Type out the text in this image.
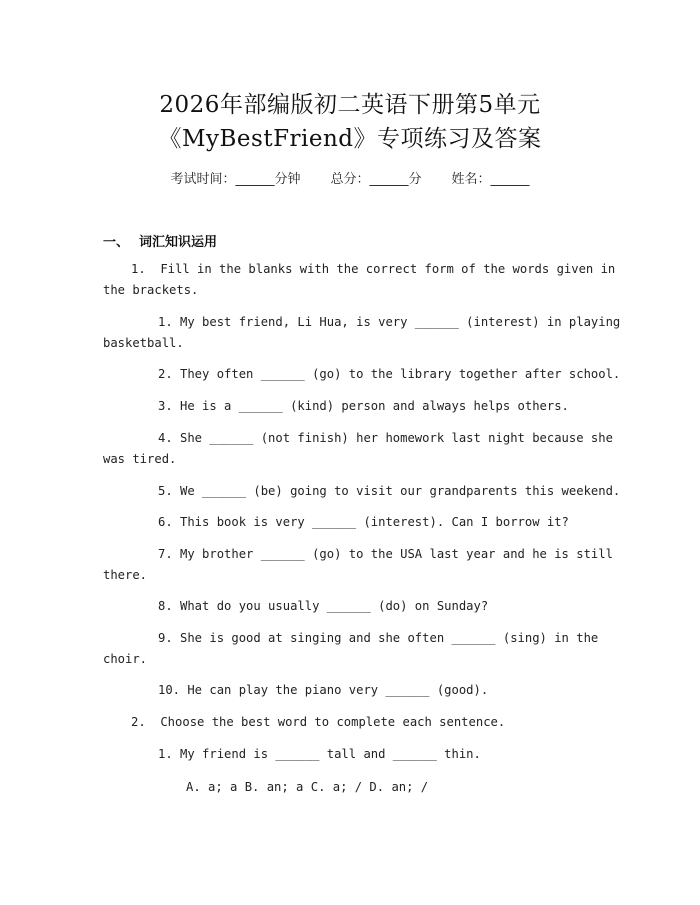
2026年部编版初二英语下册第5单元
《MyBestFriend》专项练习及答案
考试时间：______分钟 总分：______分 姓名：______
一、 词汇知识运用
1.  Fill in the blanks with the correct form of the words given in
the brackets.
1. My best friend, Li Hua, is very ______ (interest) in playing
basketball.
2. They often ______ (go) to the library together after school.
3. He is a ______ (kind) person and always helps others.
4. She ______ (not finish) her homework last night because she
was tired.
5. We ______ (be) going to visit our grandparents this weekend.
6. This book is very ______ (interest). Can I borrow it?
7. My brother ______ (go) to the USA last year and he is still
there.
8. What do you usually ______ (do) on Sunday?
9. She is good at singing and she often ______ (sing) in the
choir.
10. He can play the piano very ______ (good).
2.  Choose the best word to complete each sentence.
1. My friend is ______ tall and ______ thin.
A. a; a B. an; a C. a; / D. an; /
